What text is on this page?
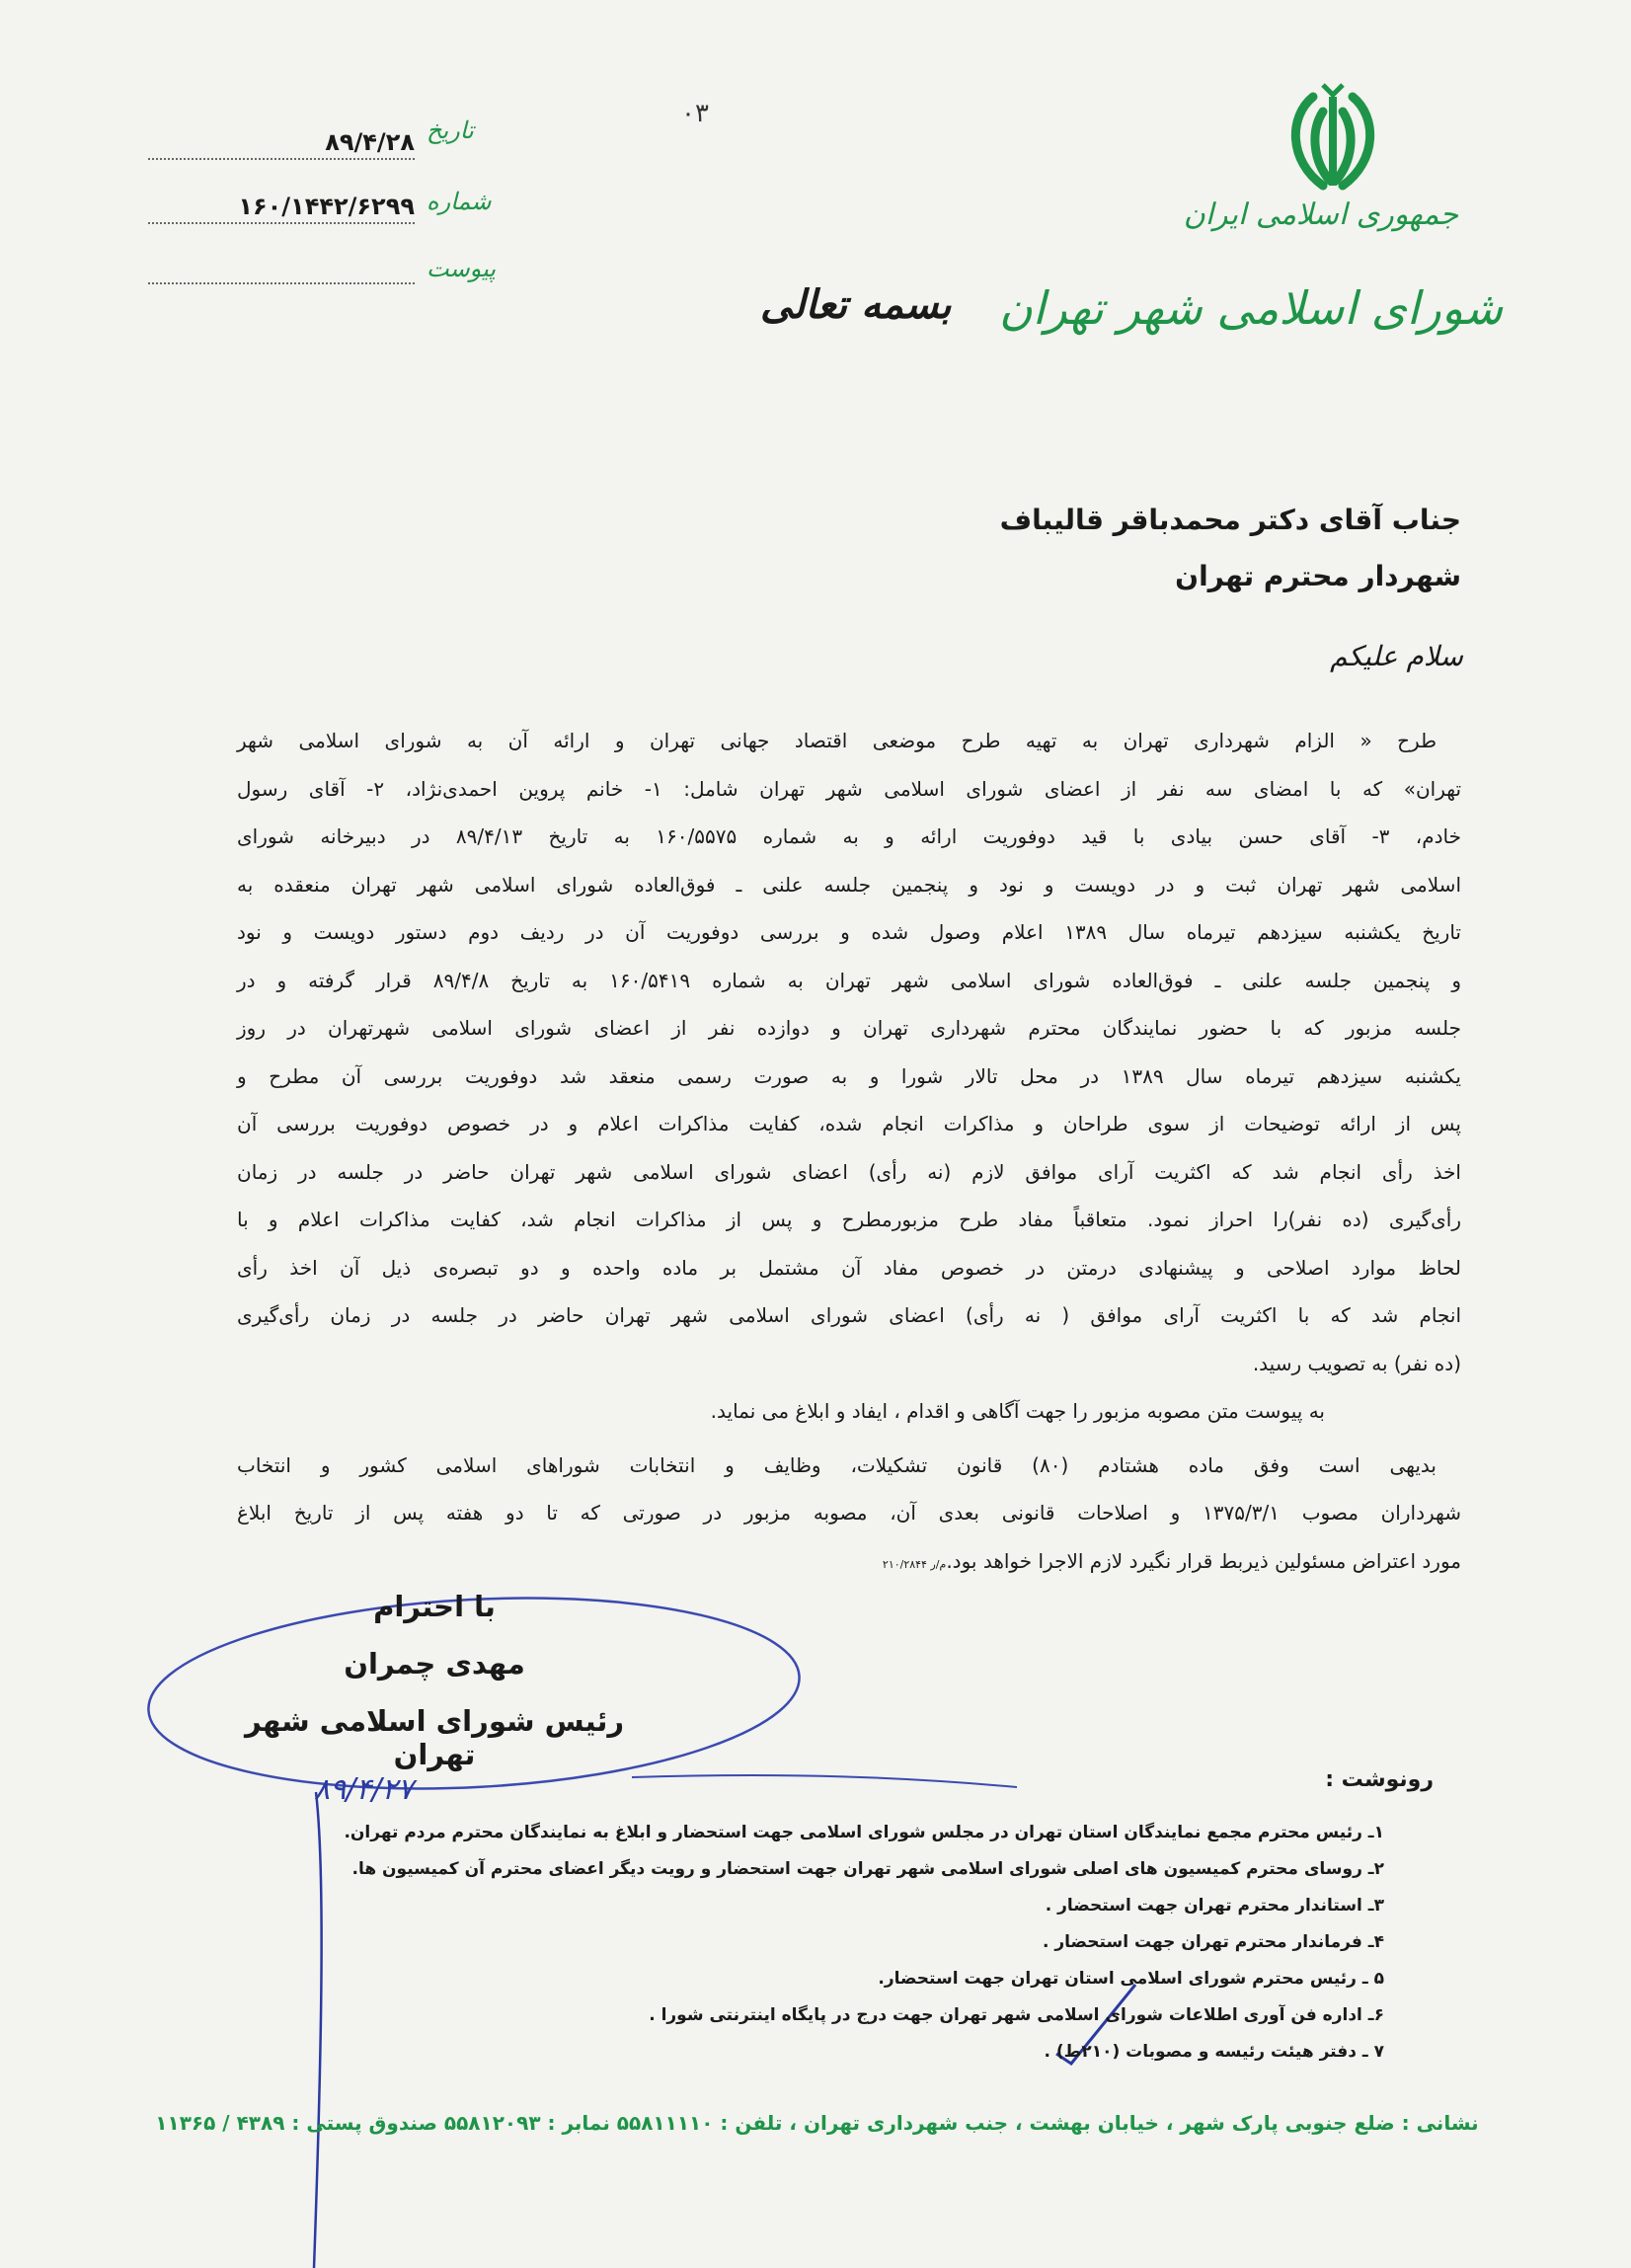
جمهوری اسلامی ایران
شورای اسلامی شهر تهران
بسمه تعالی
۰۳
تاریخ
۸۹/۴/۲۸
شماره
۱۶۰/۱۴۴۲/۶۲۹۹
پیوست
جناب آقای دکتر محمدباقر قالیباف
شهردار محترم تهران
سلام علیکم
طرح « الزام شهرداری تهران به تهیه طرح موضعی اقتصاد جهانی تهران و ارائه آن به شورای اسلامی شهر
تهران» که با امضای سه نفر از اعضای شورای اسلامی شهر تهران شامل: ۱- خانم پروین احمدی‌نژاد، ۲- آقای رسول
خادم، ۳- آقای حسن بیادی با قید دوفوریت ارائه و به شماره ۱۶۰/۵۵۷۵ به تاریخ ۸۹/۴/۱۳ در دبیرخانه شورای
اسلامی شهر تهران ثبت و در دویست و نود و پنجمین جلسه علنی ـ فوق‌العاده شورای اسلامی شهر تهران منعقده به
تاریخ یکشنبه سیزدهم تیرماه سال ۱۳۸۹ اعلام وصول شده و بررسی دوفوریت آن در ردیف دوم دستور دویست و نود
و پنجمین جلسه علنی ـ فوق‌العاده شورای اسلامی شهر تهران به شماره ۱۶۰/۵۴۱۹ به تاریخ ۸۹/۴/۸ قرار گرفته و در
جلسه مزبور که با حضور نمایندگان محترم شهرداری تهران و دوازده نفر از اعضای شورای اسلامی شهرتهران در روز
یکشنبه سیزدهم تیرماه سال ۱۳۸۹ در محل تالار شورا و به صورت رسمی منعقد شد دوفوریت بررسی آن مطرح و
پس از ارائه توضیحات از سوی طراحان و مذاکرات انجام شده، کفایت مذاکرات اعلام و در خصوص دوفوریت بررسی آن
اخذ رأی انجام شد که اکثریت آرای موافق لازم (نه رأی) اعضای شورای اسلامی شهر تهران حاضر در جلسه در زمان
رأی‌گیری (ده نفر)را احراز نمود. متعاقباً مفاد طرح مزبورمطرح و پس از مذاکرات انجام شد، کفایت مذاکرات اعلام و با
لحاظ موارد اصلاحی و پیشنهادی درمتن در خصوص مفاد آن مشتمل بر ماده واحده و دو تبصره‌ی ذیل آن اخذ رأی
انجام شد که با اکثریت آرای موافق ( نه رأی) اعضای شورای اسلامی شهر تهران حاضر در جلسه در زمان رأی‌گیری
(ده نفر) به تصویب رسید.
به پیوست متن مصوبه مزبور را جهت آگاهی و اقدام ، ایفاد و ابلاغ می نماید.
بدیهی است وفق ماده هشتادم (۸۰) قانون تشکیلات، وظایف و انتخابات شوراهای اسلامی کشور و انتخاب
شهرداران مصوب ۱۳۷۵/۳/۱ و اصلاحات قانونی بعدی آن، مصوبه مزبور در صورتی که تا دو هفته پس از تاریخ ابلاغ
مورد اعتراض مسئولین ذیربط قرار نگیرد لازم الاجرا خواهد بود.م/ر ۲۱۰/۲۸۴۴
با احترام
مهدی چمران
رئیس شورای اسلامی شهر تهران
۸۹/۴/۲۷	رونوشت :
۱ـ رئیس محترم مجمع نمایندگان استان تهران در مجلس شورای اسلامی جهت استحضار و ابلاغ به نمایندگان محترم مردم تهران.
۲ـ روسای محترم کمیسیون های اصلی شورای اسلامی شهر تهران جهت استحضار و رویت دیگر اعضای محترم آن کمیسیون ها.
۳ـ استاندار محترم تهران جهت استحضار .
۴ـ فرماندار محترم تهران جهت استحضار .
۵ ـ رئیس محترم شورای اسلامی استان تهران جهت استحضار.
۶ـ اداره فن آوری اطلاعات شورای اسلامی شهر تهران جهت درج در پایگاه اینترنتی شورا .
۷ ـ دفتر هیئت رئیسه و مصوبات (۲۱۰ط) .
نشانی : ضلع جنوبی پارک شهر ، خیابان بهشت ، جنب شهرداری تهران ، تلفن : ۵۵۸۱۱۱۱۰ نمابر : ۵۵۸۱۲۰۹۳ صندوق پستی : ۴۳۸۹ / ۱۱۳۶۵
